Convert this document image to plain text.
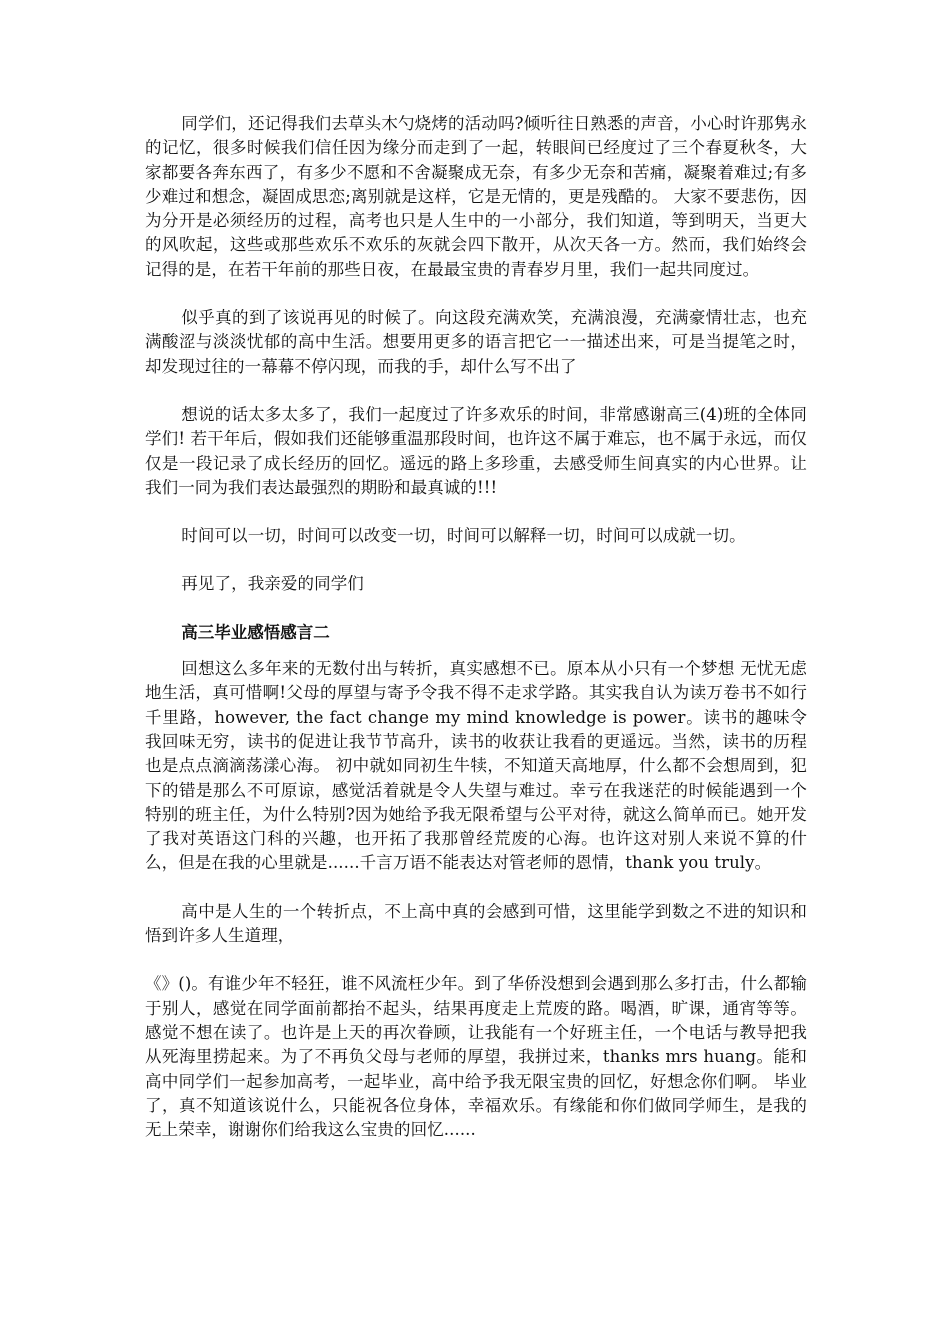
同学们，还记得我们去草头木勺烧烤的活动吗?倾听往日熟悉的声音，小心时许那隽永的记忆，很多时候我们信任因为缘分而走到了一起，转眼间已经度过了三个春夏秋冬，大家都要各奔东西了，有多少不愿和不舍凝聚成无奈，有多少无奈和苦痛，凝聚着难过;有多少难过和想念，凝固成思恋;离别就是这样，它是无情的，更是残酷的。 大家不要悲伤，因为分开是必须经历的过程，高考也只是人生中的一小部分，我们知道，等到明天，当更大的风吹起，这些或那些欢乐不欢乐的灰就会四下散开，从次天各一方。然而，我们始终会记得的是，在若干年前的那些日夜，在最最宝贵的青春岁月里，我们一起共同度过。

似乎真的到了该说再见的时候了。向这段充满欢笑，充满浪漫，充满豪情壮志，也充满酸涩与淡淡忧郁的高中生活。想要用更多的语言把它一一描述出来，可是当提笔之时，却发现过往的一幕幕不停闪现，而我的手，却什么写不出了

想说的话太多太多了，我们一起度过了许多欢乐的时间，非常感谢高三(4)班的全体同学们! 若干年后，假如我们还能够重温那段时间，也许这不属于难忘，也不属于永远，而仅仅是一段记录了成长经历的回忆。遥远的路上多珍重，去感受师生间真实的内心世界。让我们一同为我们表达最强烈的期盼和最真诚的!!!

时间可以一切，时间可以改变一切，时间可以解释一切，时间可以成就一切。

再见了，我亲爱的同学们

高三毕业感悟感言二

回想这么多年来的无数付出与转折，真实感想不已。原本从小只有一个梦想 无忧无虑地生活，真可惜啊!父母的厚望与寄予令我不得不走求学路。其实我自认为读万卷书不如行千里路，however, the fact change my mind knowledge is power。读书的趣味令我回味无穷，读书的促进让我节节高升，读书的收获让我看的更遥远。当然，读书的历程也是点点滴滴荡漾心海。 初中就如同初生牛犊，不知道天高地厚，什么都不会想周到，犯下的错是那么不可原谅，感觉活着就是令人失望与难过。幸亏在我迷茫的时候能遇到一个特别的班主任，为什么特别?因为她给予我无限希望与公平对待，就这么简单而已。她开发了我对英语这门科的兴趣，也开拓了我那曾经荒废的心海。也许这对别人来说不算的什么，但是在我的心里就是......千言万语不能表达对管老师的恩情，thank you truly。

高中是人生的一个转折点，不上高中真的会感到可惜，这里能学到数之不进的知识和悟到许多人生道理，

《》()。有谁少年不轻狂，谁不风流枉少年。到了华侨没想到会遇到那么多打击，什么都输于别人，感觉在同学面前都抬不起头，结果再度走上荒废的路。喝酒，旷课，通宵等等。感觉不想在读了。也许是上天的再次眷顾，让我能有一个好班主任，一个电话与教导把我从死海里捞起来。为了不再负父母与老师的厚望，我拼过来，thanks mrs huang。能和高中同学们一起参加高考，一起毕业，高中给予我无限宝贵的回忆，好想念你们啊。 毕业了，真不知道该说什么，只能祝各位身体，幸福欢乐。有缘能和你们做同学师生，是我的无上荣幸，谢谢你们给我这么宝贵的回忆......
